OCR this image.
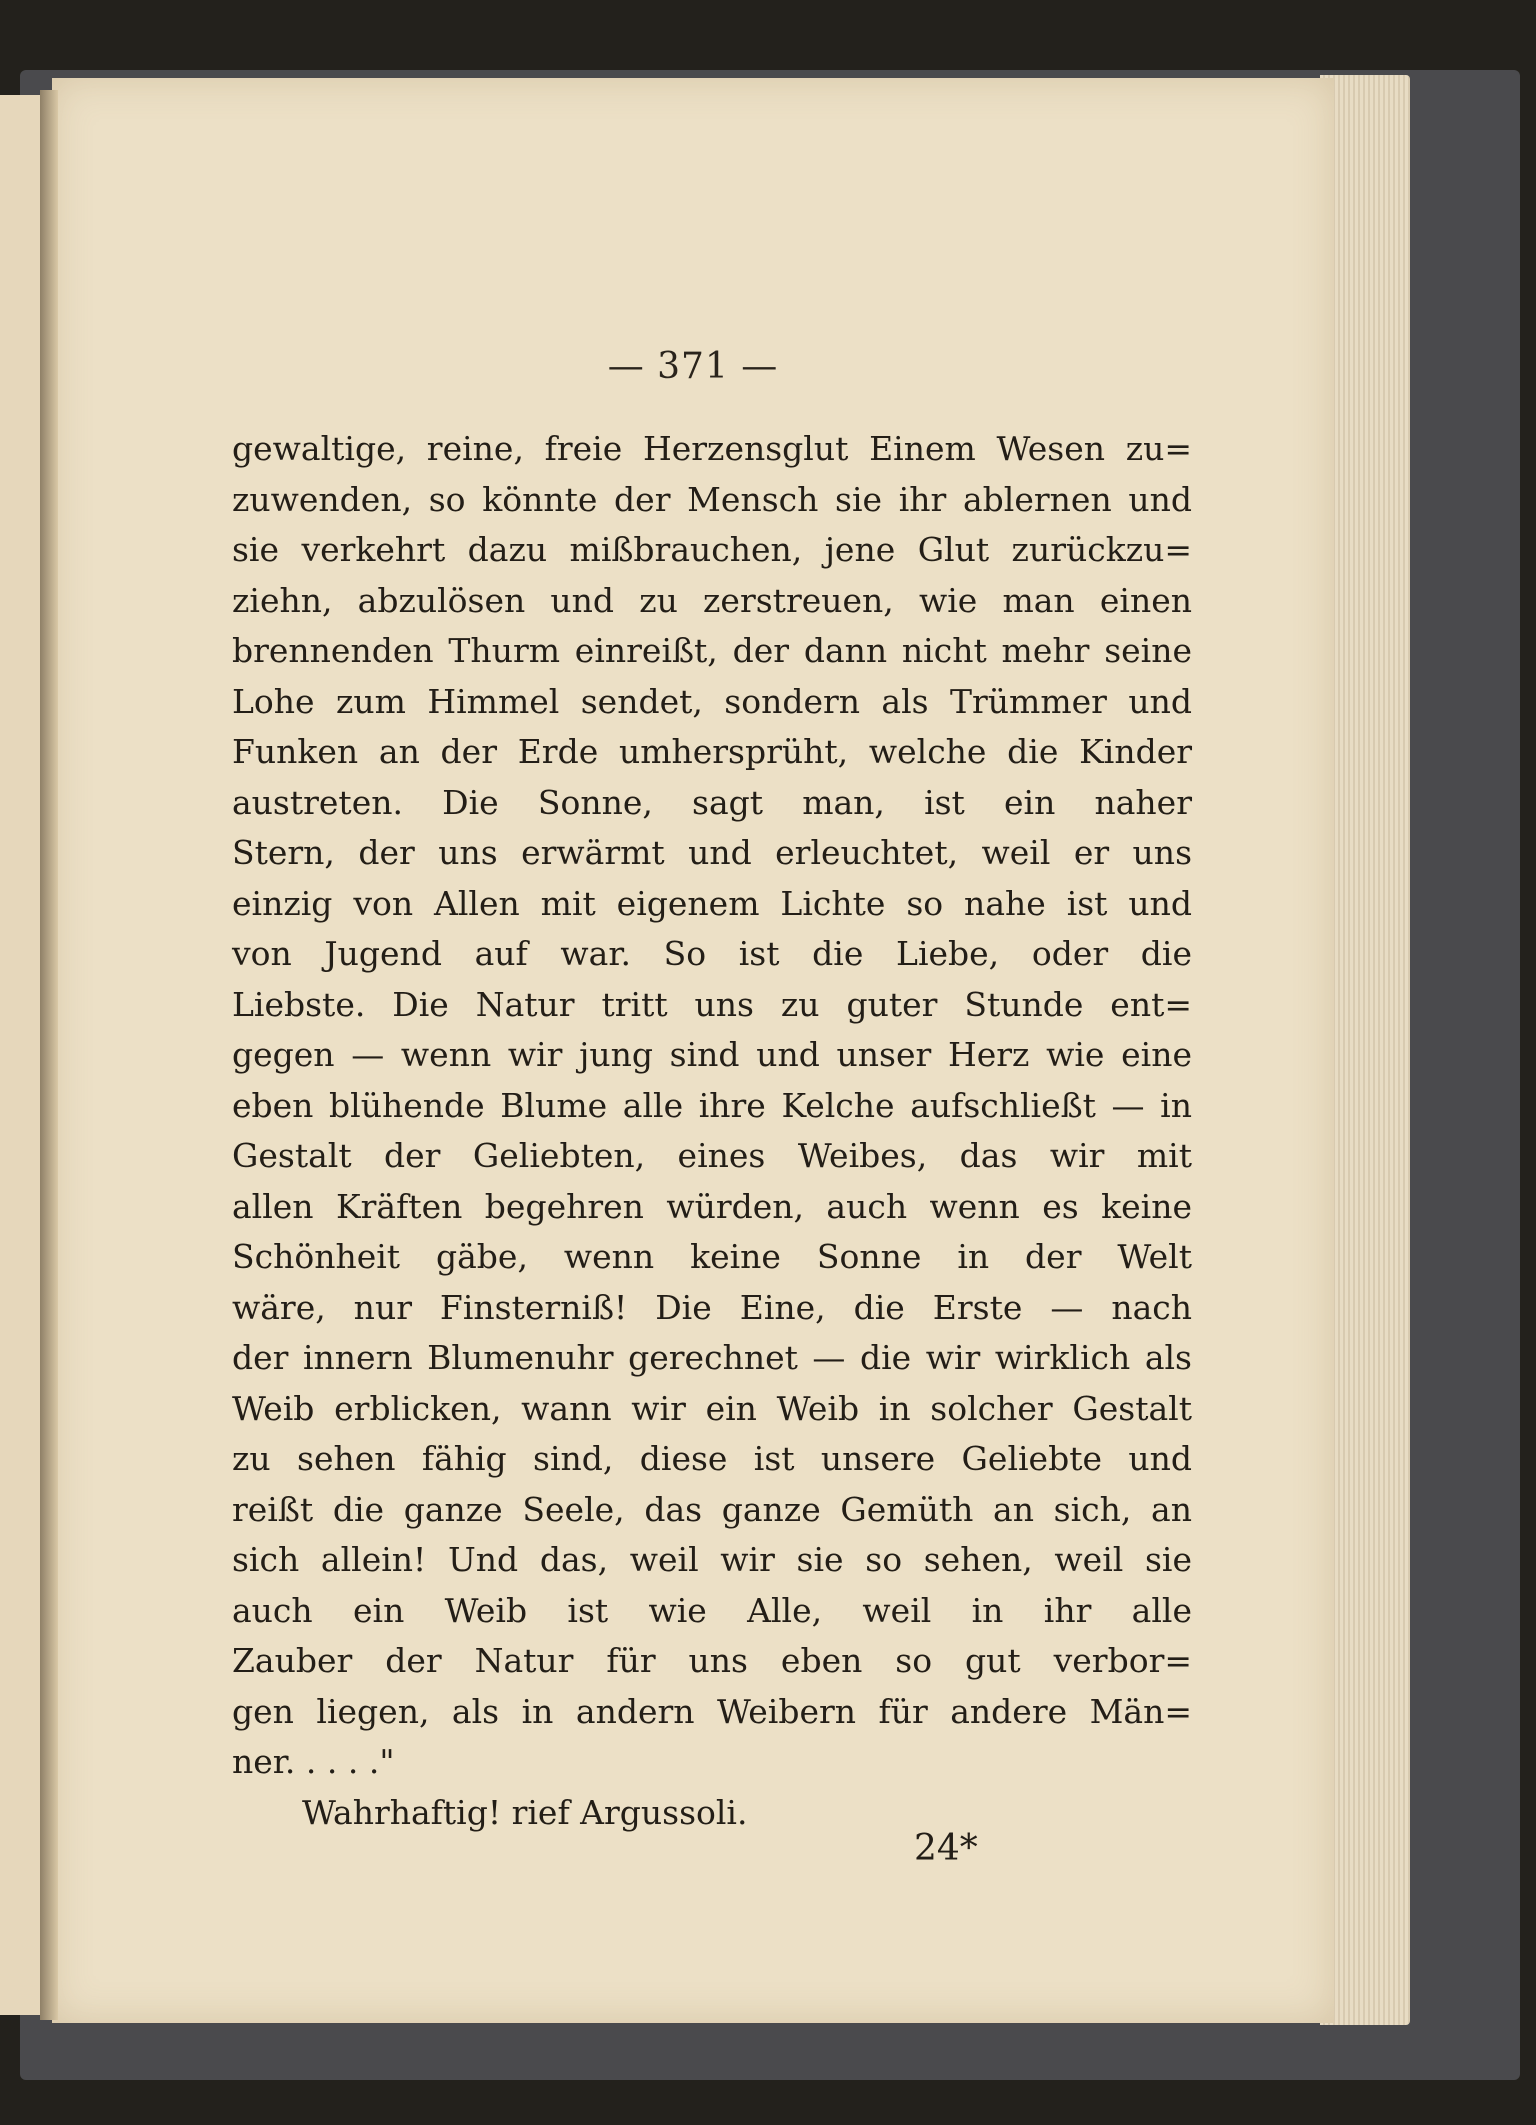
— 371 —
gewaltige, reine, freie Herzensglut Einem Wesen zu=
zuwenden, so könnte der Mensch sie ihr ablernen und
sie verkehrt dazu mißbrauchen, jene Glut zurückzu=
ziehn, abzulösen und zu zerstreuen, wie man einen
brennenden Thurm einreißt, der dann nicht mehr seine
Lohe zum Himmel sendet, sondern als Trümmer und
Funken an der Erde umhersprüht, welche die Kinder
austreten. Die Sonne, sagt man, ist ein naher
Stern, der uns erwärmt und erleuchtet, weil er uns
einzig von Allen mit eigenem Lichte so nahe ist und
von Jugend auf war. So ist die Liebe, oder die
Liebste. Die Natur tritt uns zu guter Stunde ent=
gegen — wenn wir jung sind und unser Herz wie eine
eben blühende Blume alle ihre Kelche aufschließt — in
Gestalt der Geliebten, eines Weibes, das wir mit
allen Kräften begehren würden, auch wenn es keine
Schönheit gäbe, wenn keine Sonne in der Welt
wäre, nur Finsterniß! Die Eine, die Erste — nach
der innern Blumenuhr gerechnet — die wir wirklich als
Weib erblicken, wann wir ein Weib in solcher Gestalt
zu sehen fähig sind, diese ist unsere Geliebte und
reißt die ganze Seele, das ganze Gemüth an sich, an
sich allein! Und das, weil wir sie so sehen, weil sie
auch ein Weib ist wie Alle, weil in ihr alle
Zauber der Natur für uns eben so gut verbor=
gen liegen, als in andern Weibern für andere Män=
ner. . . . ."
Wahrhaftig! rief Argussoli.
24*
